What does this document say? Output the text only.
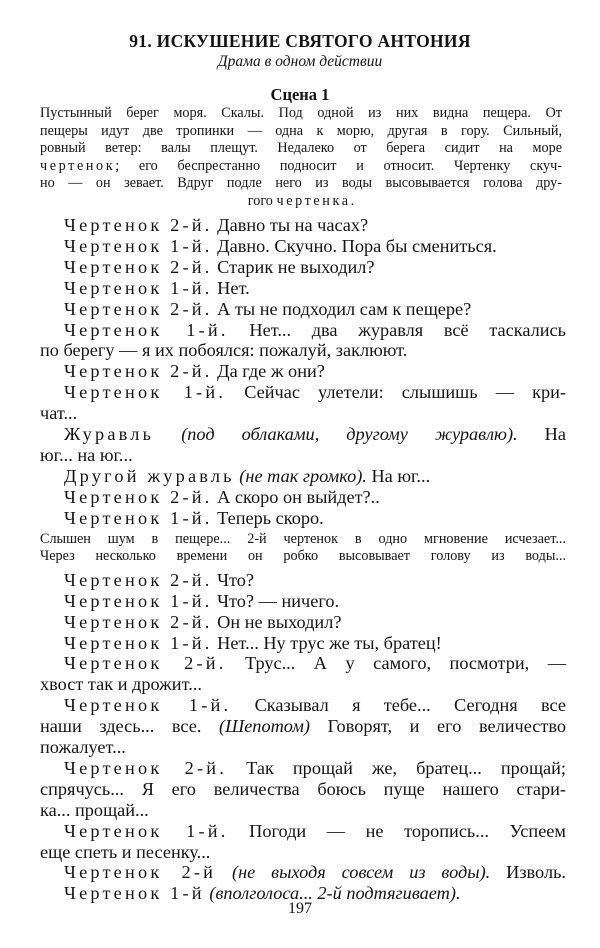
91. ИСКУШЕНИЕ СВЯТОГО АНТОНИЯ
Драма в одном действии
Сцена 1
Пустынный берег моря. Скалы. Под одной из них видна пещера. От
пещеры идут две тропинки — одна к морю, другая в гору. Сильный,
ровный ветер: валы плещут. Недалеко от берега сидит на море
чертенок; его беспрестанно подносит и относит. Чертенку скуч-
но — он зевает. Вдруг подле него из воды высовывается голова дру-
гого чертенка.
Чертенок 2-й. Давно ты на часах?
Чертенок 1-й. Давно. Скучно. Пора бы смениться.
Чертенок 2-й. Старик не выходил?
Чертенок 1-й. Нет.
Чертенок 2-й. А ты не подходил сам к пещере?
Чертенок 1-й. Нет... два журавля всё таскались
по берегу — я их побоялся: пожалуй, заклюют.
Чертенок 2-й. Да где ж они?
Чертенок 1-й. Сейчас улетели: слышишь — кри-
чат...
Журавль (под облаками, другому журавлю). На
юг... на юг...
Другой журавль (не так громко). На юг...
Чертенок 2-й. А скоро он выйдет?..
Чертенок 1-й. Теперь скоро.
Слышен шум в пещере... 2-й чертенок в одно мгновение исчезает...
Через несколько времени он робко высовывает голову из воды...
Чертенок 2-й. Что?
Чертенок 1-й. Что? — ничего.
Чертенок 2-й. Он не выходил?
Чертенок 1-й. Нет... Ну трус же ты, братец!
Чертенок 2-й. Трус... А у самого, посмотри, —
хвост так и дрожит...
Чертенок 1-й. Сказывал я тебе... Сегодня все
наши здесь... все. (Шепотом) Говорят, и его величество
пожалует...
Чертенок 2-й. Так прощай же, братец... прощай;
спрячусь... Я его величества боюсь пуще нашего стари-
ка... прощай...
Чертенок 1-й. Погоди — не торопись... Успеем
еще спеть и песенку...
Чертенок 2-й (не выходя совсем из воды). Изволь.
Чертенок 1-й (вполголоса... 2-й подтягивает).
197
